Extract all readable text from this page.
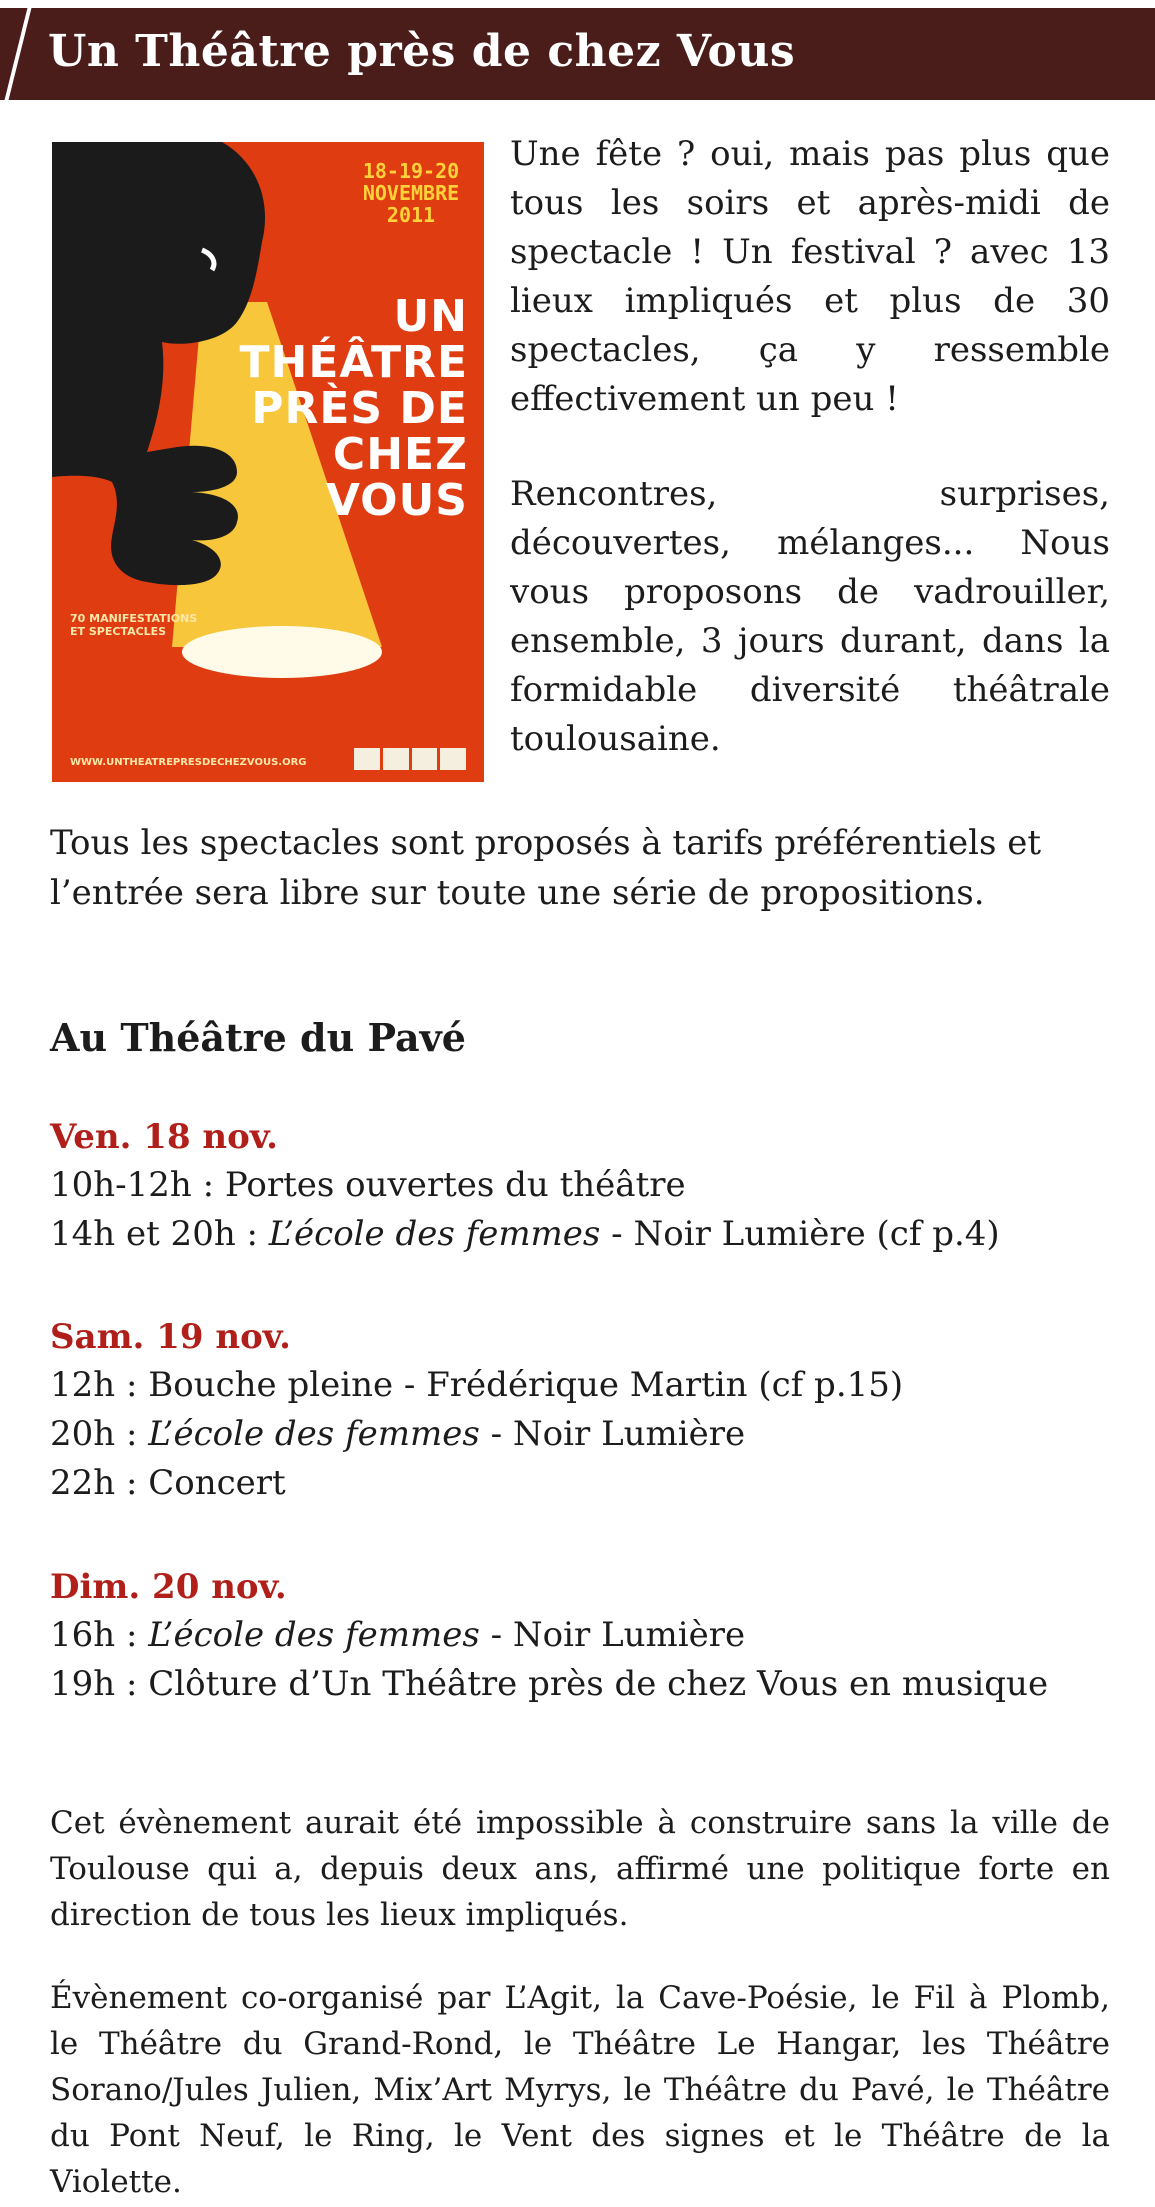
Un Théâtre près de chez Vous
18-19-20
NOVEMBRE
2011
UN
THÉÂTRE
PRÈS DE
CHEZ
VOUS
70 MANIFESTATIONS
ET SPECTACLES
WWW.UNTHEATREPRESDECHEZVOUS.ORG

Une fête ? oui, mais pas plus que tous les soirs et après-midi de spectacle ! Un festival ? avec 13 lieux impliqués et plus de 30 spectacles, ça y ressemble effectivement un peu !

Rencontres, surprises, découvertes, mélanges... Nous vous proposons de vadrouiller, ensemble, 3 jours durant, dans la formidable diversité théâtrale toulousaine.

Tous les spectacles sont proposés à tarifs préférentiels et l’entrée sera libre sur toute une série de propositions.
Au Théâtre du Pavé
Ven. 18 nov.
10h-12h : Portes ouvertes du théâtre
14h et 20h : L’école des femmes - Noir Lumière (cf p.4)
Sam. 19 nov.
12h : Bouche pleine - Frédérique Martin (cf p.15)
20h : L’école des femmes - Noir Lumière
22h : Concert
Dim. 20 nov.
16h : L’école des femmes - Noir Lumière
19h : Clôture d’Un Théâtre près de chez Vous en musique
Cet évènement aurait été impossible à construire sans la ville de Toulouse qui a, depuis deux ans, affirmé une politique forte en direction de tous les lieux impliqués.
Évènement co-organisé par L’Agit, la Cave-Poésie, le Fil à Plomb, le Théâtre du Grand-Rond, le Théâtre Le Hangar, les Théâtre Sorano/Jules Julien, Mix’Art Myrys, le Théâtre du Pavé, le Théâtre du Pont Neuf, le Ring, le Vent des signes et le Théâtre de la Violette.
